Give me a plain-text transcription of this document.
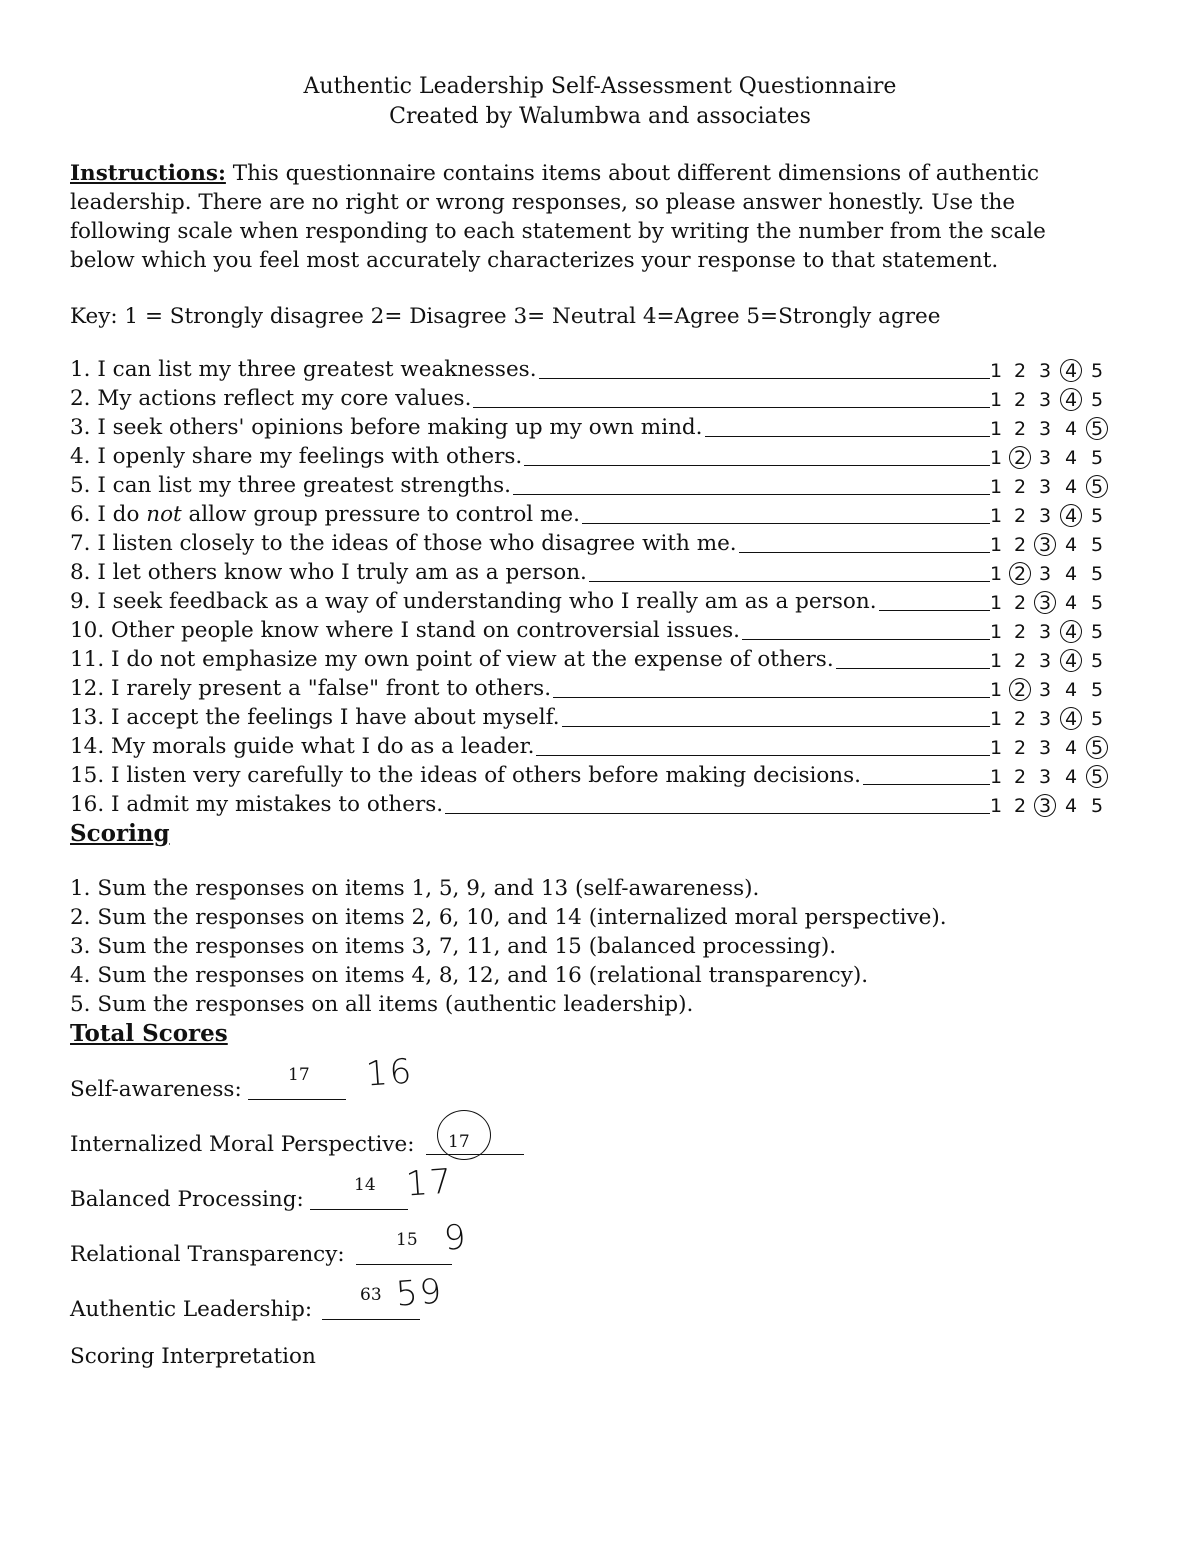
Authentic Leadership Self-Assessment Questionnaire
Created by Walumbwa and associates
Instructions: This questionnaire contains items about different dimensions of authentic leadership. There are no right or wrong responses, so please answer honestly. Use the following scale when responding to each statement by writing the number from the scale below which you feel most accurately characterizes your response to that statement.
Key: 1 = Strongly disagree 2= Disagree 3= Neutral 4=Agree 5=Strongly agree
1. I can list my three greatest weaknesses.	1 2 3 4 5
2. My actions reflect my core values.	1 2 3 4 5
3. I seek others' opinions before making up my own mind.	1 2 3 4 5
4. I openly share my feelings with others.	1 2 3 4 5
5. I can list my three greatest strengths.	1 2 3 4 5
6. I do not allow group pressure to control me.	1 2 3 4 5
7. I listen closely to the ideas of those who disagree with me.	1 2 3 4 5
8. I let others know who I truly am as a person.	1 2 3 4 5
9. I seek feedback as a way of understanding who I really am as a person.	1 2 3 4 5
10. Other people know where I stand on controversial issues.	1 2 3 4 5
11. I do not emphasize my own point of view at the expense of others.	1 2 3 4 5
12. I rarely present a "false" front to others.	1 2 3 4 5
13. I accept the feelings I have about myself.	1 2 3 4 5
14. My morals guide what I do as a leader.	1 2 3 4 5
15. I listen very carefully to the ideas of others before making decisions.	1 2 3 4 5
16. I admit my mistakes to others.	1 2 3 4 5
Scoring
1. Sum the responses on items 1, 5, 9, and 13 (self-awareness).
2. Sum the responses on items 2, 6, 10, and 14 (internalized moral perspective).
3. Sum the responses on items 3, 7, 11, and 15 (balanced processing).
4. Sum the responses on items 4, 8, 12, and 16 (relational transparency).
5. Sum the responses on all items (authentic leadership).
Total Scores
Self-awareness:
17 16
Internalized Moral Perspective: 17
Balanced Processing:
14 17
Relational Transparency:
15 9
Authentic Leadership:
63 59
Scoring Interpretation
